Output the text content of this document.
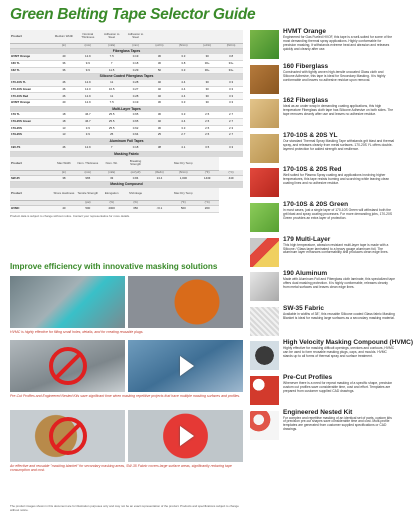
Green Belting Tape Selector Guide
Product	Medium Width	Nominal Thickness	Adhesion to Steel	Adhesion to Steel				
	(in)	(mm)	(mils)	(mm)	(oz/in)	(N/cm)	(oz/in)	(N/cm)
Fiberglass Tapes								
HVMT Orange	40	12.9	7.5	0.19	30	3.3	30	3.8
160 7L	36	9.9	7	0.18	30	3.8	30+	33+
162 7L	36	9.9	11.5	0.29	50	3.3	30+	33+
Silicone Coated Fiberglass Tapes								
170-10S 7L	46	12.9	11	0.28	40	4.4	30	3.3
170-10S Green	46	12.0	10.5	0.27	40	4.4	30	3.3
170-10S Red	46	12.9	11	0.28	40	4.4	30	3.3
HVMT Orange	40	12.9	7.5	0.19	30	3.3	30	3.3
Multi-Layer Tapes								
179 7L	18	46.7	25.5	0.65	30	3.3	2.5	2.7
179-20S Green	18	46.7	25.5	0.65	40	4.4	2.5	2.7
179-20S	13	3.9	25.5	0.62	30	3.3	2.5	2.3
179-20S	13	3.9	25	0.64	25	2.7	2.5	2.7
Aluminum Foil Tapes								
190-7S	46	12.9	7	0.18	38	4.1	3.5	3.3
Masking Fabric								
Product	Max Width	Nom. Thickness	Nom. Wt.	Breaking Strength		Max Dry Temp		
	(in)	(mm)	(mils)	(oz/yd²)	(lbs/in)	(N/cm)	(°F)	(°C)
SW-35	38	965	33	0.84	13.4	1,000	1449	449
Masking Compound								
Product	Shore Hardness	Tensile Strength	Elongation	Shrinkage		Max Dry Temp		
		(psi)	(%)	(%)		(°F)	(°C)	
HVMC	40	500	2000	350	<0.1	500	260	
Product data is subject to change without notice. Contact your representative for more details.
Improve efficiency with innovative masking solutions
HVMC is highly effective for filling small holes, details, and for creating reusable plugs.
Pre-Cut Profiles and Engineered Nested Kits save significant time when masking repetitive projects that have multiple masking surfaces and profiles.
An effective and reusable "masking blanket" for secondary masking areas, SW-35 Fabric covers large surface areas, significantly reducing tape consumption and cost.
The product images shown in this document are for illustration purposes only and may not be an exact representation of the product. Products and specifications subject to change without notice.
HVMT Orange
Engineered for Gas Fueled HVOF, this tape is a well-suited for some of the most demanding thermal spray applications. Highly conformable for precision masking, it withstands extreme heat and abrasion and releases quickly and cleanly after use.
160 Fiberglass
Constructed with tightly woven high-tensile uncoated Glass cloth and Silicone Adhesive, this tape is ideal for Secondary Masking. It is highly conformable and leaves no adhesive residue upon removal.
162 Fiberglass
Ideal as an under wrap in demanding coating applications, this high temperature Fiberglass cloth tape has Silicone Adhesive on both sides. The tape removes cleanly after use and leaves no adhesive residue.
170-10S & 20S YL
Our standard Thermal Spray Masking Tape withstands grit blast and thermal spray, and releases cleanly from metal surfaces. 170-20S YL offers double-layered protection for added strength and resilience.
170-10S & 20S Red
Well suited for Plasma Spray coating and applications involving higher temperatures, this tape resists burning and scorching while leaving clean coating lines and no adhesive residue.
170-10S & 20S Green
In most cases, just a single layer of 170-10S Green will withstand both the grit blast and spray coating processes. For more demanding jobs, 170-20S Green provides an extra layer of protection.
179 Multi-Layer
This high temperature, abrasion resistant multi-layer tape is made with a Silicone / Glass layer laminated to a heavy gauge aluminum foil. The aluminum layer enhances conformability and produces clean edge lines.
190 Aluminum
Made with Aluminum Foil and Fiberglass cloth laminate, this specialized tape offers dual masking protection. It is highly conformable, releases cleanly from metal surfaces and leaves clean edge lines.
SW-35 Fabric
Available in widths of 38", this reusable Silicone coated Glass fabric Masking Blanket is ideal for masking large surfaces as a secondary masking material.
High Velocity Masking Compound (HVMC)
Highly effective for masking difficult openings, crevices and contours, HVMC can be used to form reusable masking plugs, caps, and moulds. HVMC stands up to all forms of thermal spray and surface treatment.
Pre-Cut Profiles
Whenever there is a need for repeat masking of a specific shape, precision custom cut profiles save considerable time, cost and effort. Templates are prepared from customer supplied CAD drawings.
Engineered Nested Kit
For complex and repetitive masking of an identical set of parts, custom kits of precision pre-cut shapes save considerable time and cost. Multi-profile templates are generated from customer supplied specifications or CAD drawings.
